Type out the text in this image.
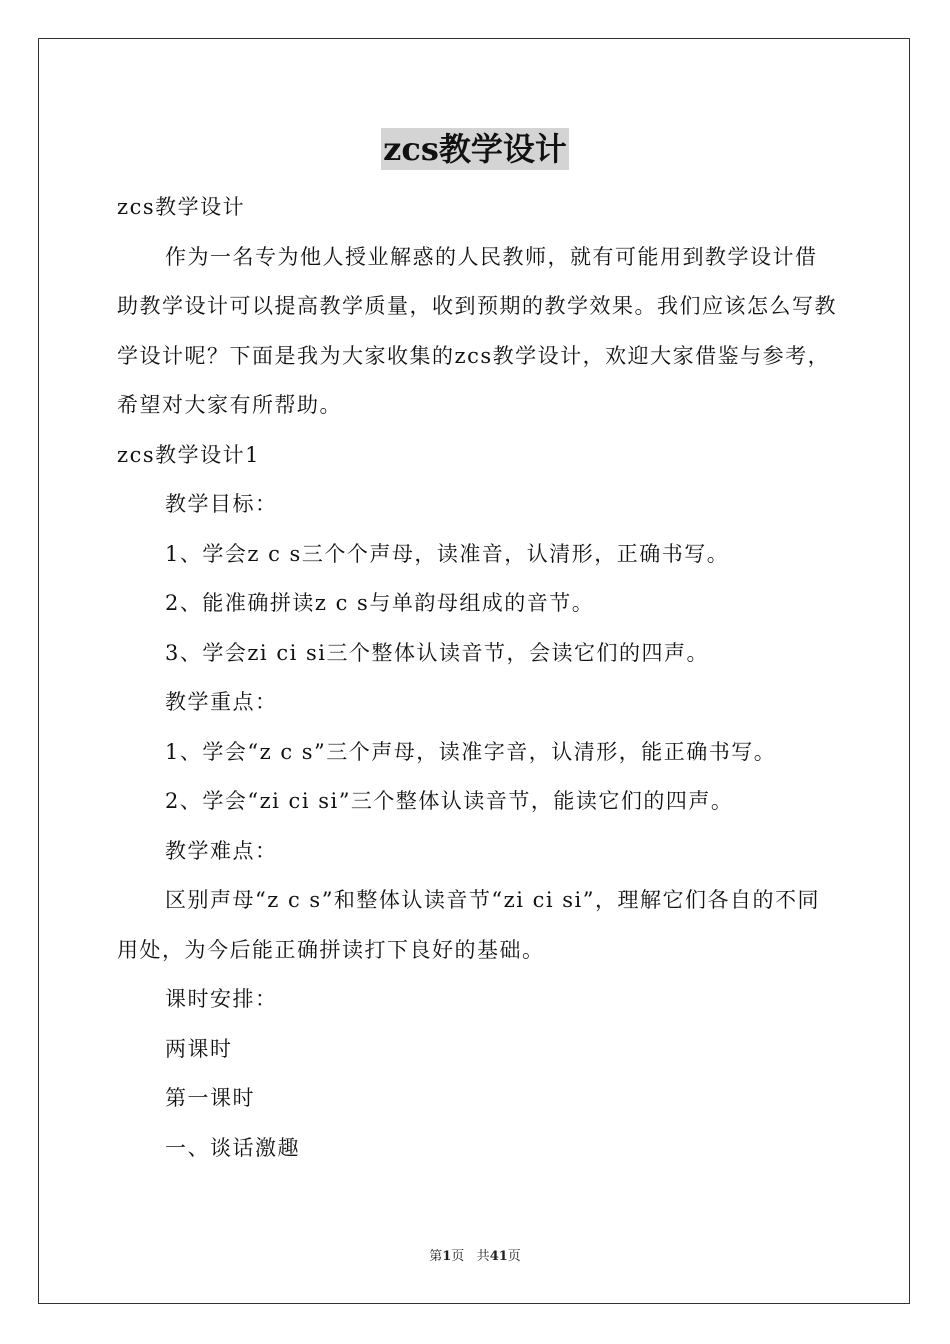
zcs教学设计

zcs教学设计

作为一名专为他人授业解惑的人民教师，就有可能用到教学设计借助教学设计可以提高教学质量，收到预期的教学效果。我们应该怎么写教学设计呢？下面是我为大家收集的zcs教学设计，欢迎大家借鉴与参考，希望对大家有所帮助。

zcs教学设计1

教学目标：

1、学会z c s三个个声母，读准音，认清形，正确书写。

2、能准确拼读z c s与单韵母组成的音节。

3、学会zi ci si三个整体认读音节，会读它们的四声。

教学重点：

1、学会“z c s”三个声母，读准字音，认清形，能正确书写。

2、学会“zi ci si”三个整体认读音节，能读它们的四声。

教学难点：

区别声母“z c s”和整体认读音节“zi ci si”，理解它们各自的不同用处，为今后能正确拼读打下良好的基础。

课时安排：

两课时

第一课时

一、谈话激趣

第1页 共41页
